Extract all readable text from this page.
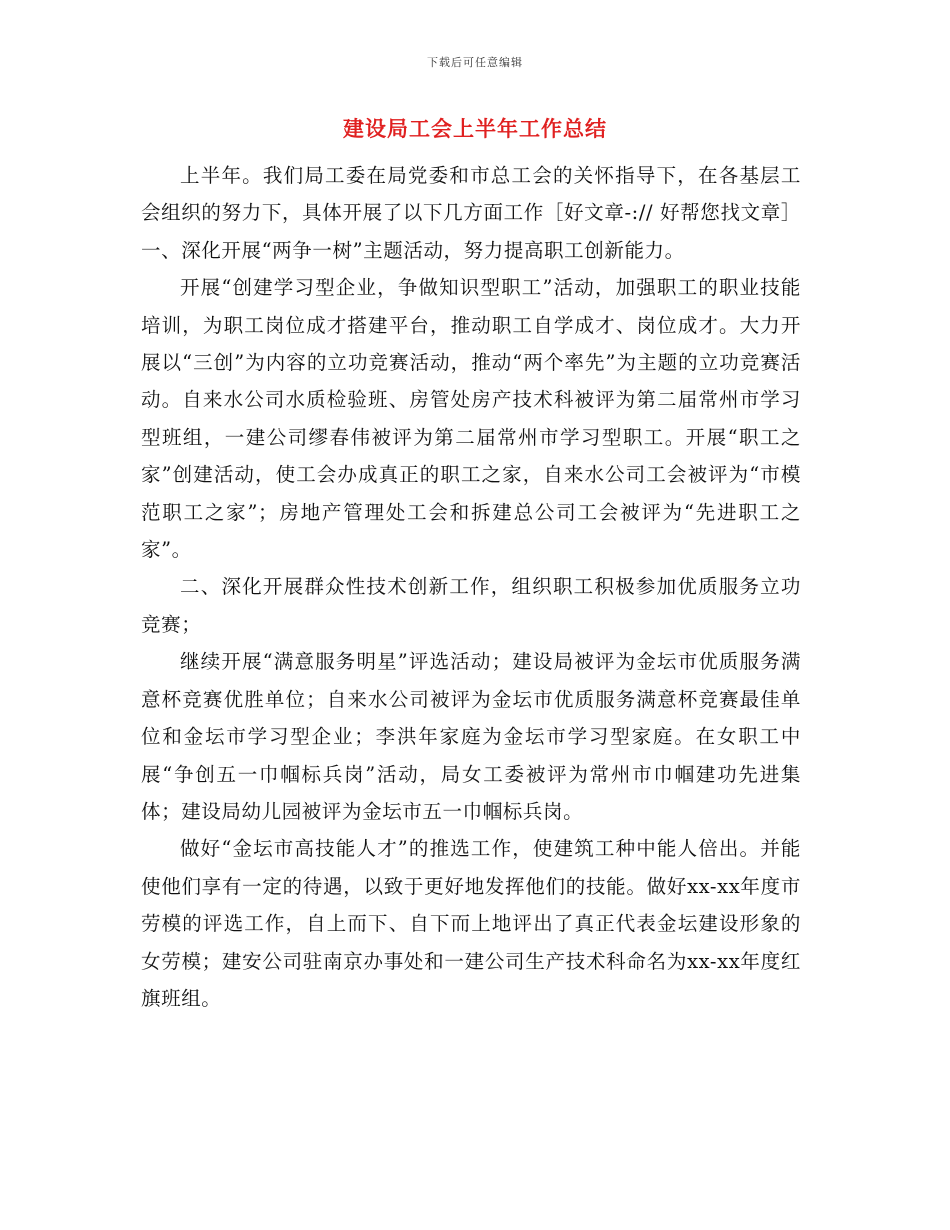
下载后可任意编辑
建设局工会上半年工作总结

上半年。我们局工委在局党委和市总工会的关怀指导下，在各基层工会组织的努力下，具体开展了以下几方面工作［好文章-:// 好帮您找文章］一、深化开展“两争一树”主题活动，努力提高职工创新能力。

开展“创建学习型企业，争做知识型职工”活动，加强职工的职业技能培训，为职工岗位成才搭建平台，推动职工自学成才、岗位成才。大力开展以“三创”为内容的立功竞赛活动，推动“两个率先”为主题的立功竞赛活动。自来水公司水质检验班、房管处房产技术科被评为第二届常州市学习型班组，一建公司缪春伟被评为第二届常州市学习型职工。开展“职工之家”创建活动，使工会办成真正的职工之家，自来水公司工会被评为“市模范职工之家”；房地产管理处工会和拆建总公司工会被评为“先进职工之家”。

二、深化开展群众性技术创新工作，组织职工积极参加优质服务立功竞赛；

继续开展“满意服务明星”评选活动；建设局被评为金坛市优质服务满意杯竞赛优胜单位；自来水公司被评为金坛市优质服务满意杯竞赛最佳单位和金坛市学习型企业；李洪年家庭为金坛市学习型家庭。在女职工中展“争创五一巾帼标兵岗”活动，局女工委被评为常州市巾帼建功先进集体；建设局幼儿园被评为金坛市五一巾帼标兵岗。

做好“金坛市高技能人才”的推选工作，使建筑工种中能人倍出。并能使他们享有一定的待遇，以致于更好地发挥他们的技能。做好xx-xx年度市劳模的评选工作，自上而下、自下而上地评出了真正代表金坛建设形象的女劳模；建安公司驻南京办事处和一建公司生产技术科命名为xx-xx年度红旗班组。
